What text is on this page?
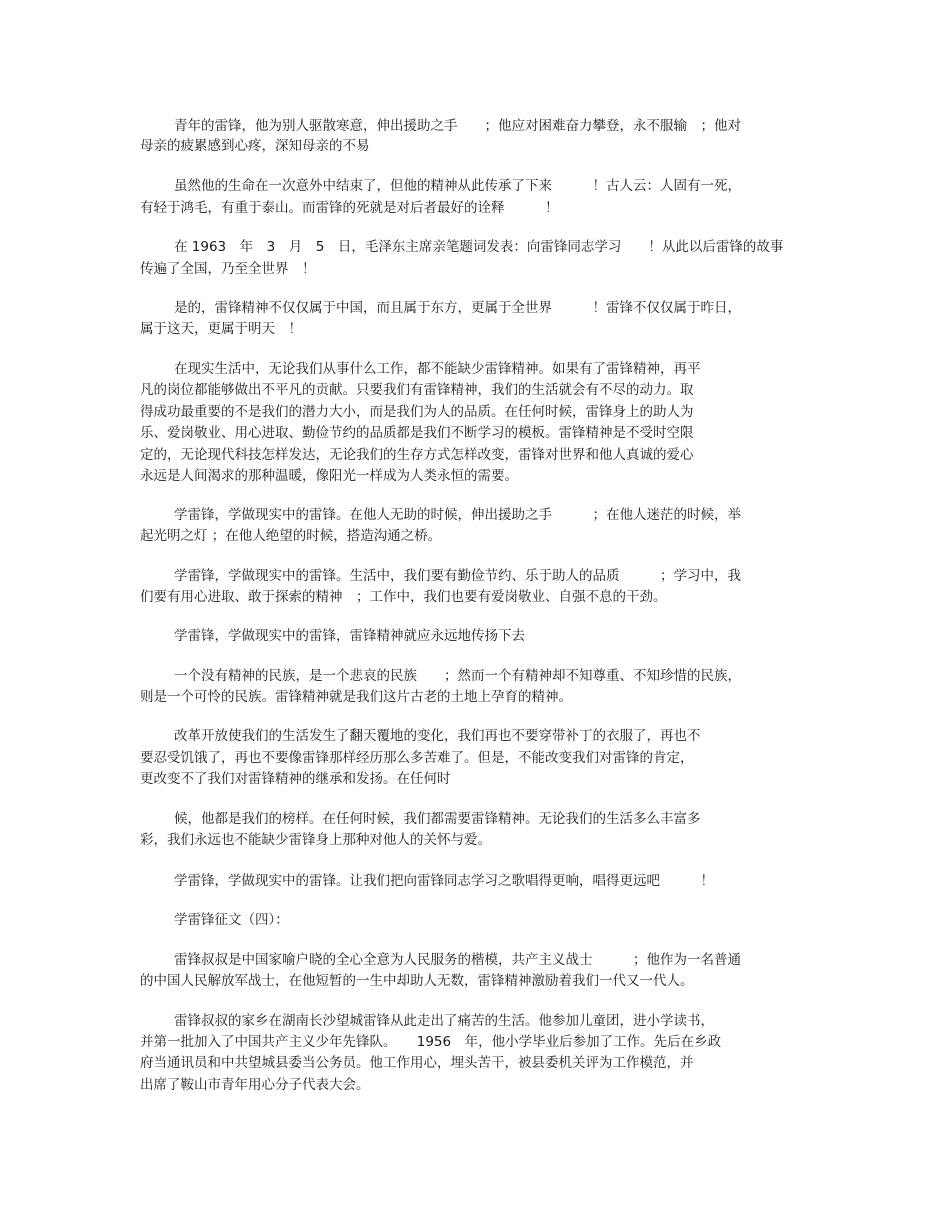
青年的雷锋，他为别人驱散寒意，伸出援助之手　　；他应对困难奋力攀登，永不服输　；他对
母亲的疲累感到心疼，深知母亲的不易
虽然他的生命在一次意外中结束了，但他的精神从此传承了下来　　　！古人云：人固有一死，
有轻于鸿毛，有重于泰山。而雷锋的死就是对后者最好的诠释　　　！
在 1963　年　3　月　5　日，毛泽东主席亲笔题词发表：向雷锋同志学习　　！从此以后雷锋的故事
传遍了全国，乃至全世界　！
是的，雷锋精神不仅仅属于中国，而且属于东方，更属于全世界　　　！雷锋不仅仅属于昨日，
属于这天，更属于明天　！
在现实生活中，无论我们从事什么工作，都不能缺少雷锋精神。如果有了雷锋精神，再平
凡的岗位都能够做出不平凡的贡献。只要我们有雷锋精神，我们的生活就会有不尽的动力。取
得成功最重要的不是我们的潜力大小，而是我们为人的品质。在任何时候，雷锋身上的助人为
乐、爱岗敬业、用心进取、勤俭节约的品质都是我们不断学习的模板。雷锋精神是不受时空限
定的，无论现代科技怎样发达，无论我们的生存方式怎样改变，雷锋对世界和他人真诚的爱心
永远是人间渴求的那种温暖，像阳光一样成为人类永恒的需要。
学雷锋，学做现实中的雷锋。在他人无助的时候，伸出援助之手　　　；在他人迷茫的时候，举
起光明之灯 ；在他人绝望的时候，搭造沟通之桥。
学雷锋，学做现实中的雷锋。生活中，我们要有勤俭节约、乐于助人的品质　　　；学习中，我
们要有用心进取、敢于探索的精神　；工作中，我们也要有爱岗敬业、自强不息的干劲。
学雷锋，学做现实中的雷锋，雷锋精神就应永远地传扬下去
一个没有精神的民族，是一个悲哀的民族　　；然而一个有精神却不知尊重、不知珍惜的民族，
则是一个可怜的民族。雷锋精神就是我们这片古老的土地上孕育的精神。
改革开放使我们的生活发生了翻天覆地的变化，我们再也不要穿带补丁的衣服了，再也不
要忍受饥饿了，再也不要像雷锋那样经历那么多苦难了。但是，不能改变我们对雷锋的肯定，
更改变不了我们对雷锋精神的继承和发扬。在任何时
候，他都是我们的榜样。在任何时候，我们都需要雷锋精神。无论我们的生活多么丰富多
彩，我们永远也不能缺少雷锋身上那种对他人的关怀与爱。
学雷锋，学做现实中的雷锋。让我们把向雷锋同志学习之歌唱得更响，唱得更远吧　　　！
学雷锋征文（四）：
雷锋叔叔是中国家喻户晓的全心全意为人民服务的楷模，共产主义战士　　　；他作为一名普通
的中国人民解放军战士，在他短暂的一生中却助人无数，雷锋精神激励着我们一代又一代人。
雷锋叔叔的家乡在湖南长沙望城雷锋从此走出了痛苦的生活。他参加儿童团，进小学读书，
并第一批加入了中国共产主义少年先锋队。　　1956　年，他小学毕业后参加了工作。先后在乡政
府当通讯员和中共望城县委当公务员。他工作用心，埋头苦干，被县委机关评为工作模范，并
出席了鞍山市青年用心分子代表大会。
